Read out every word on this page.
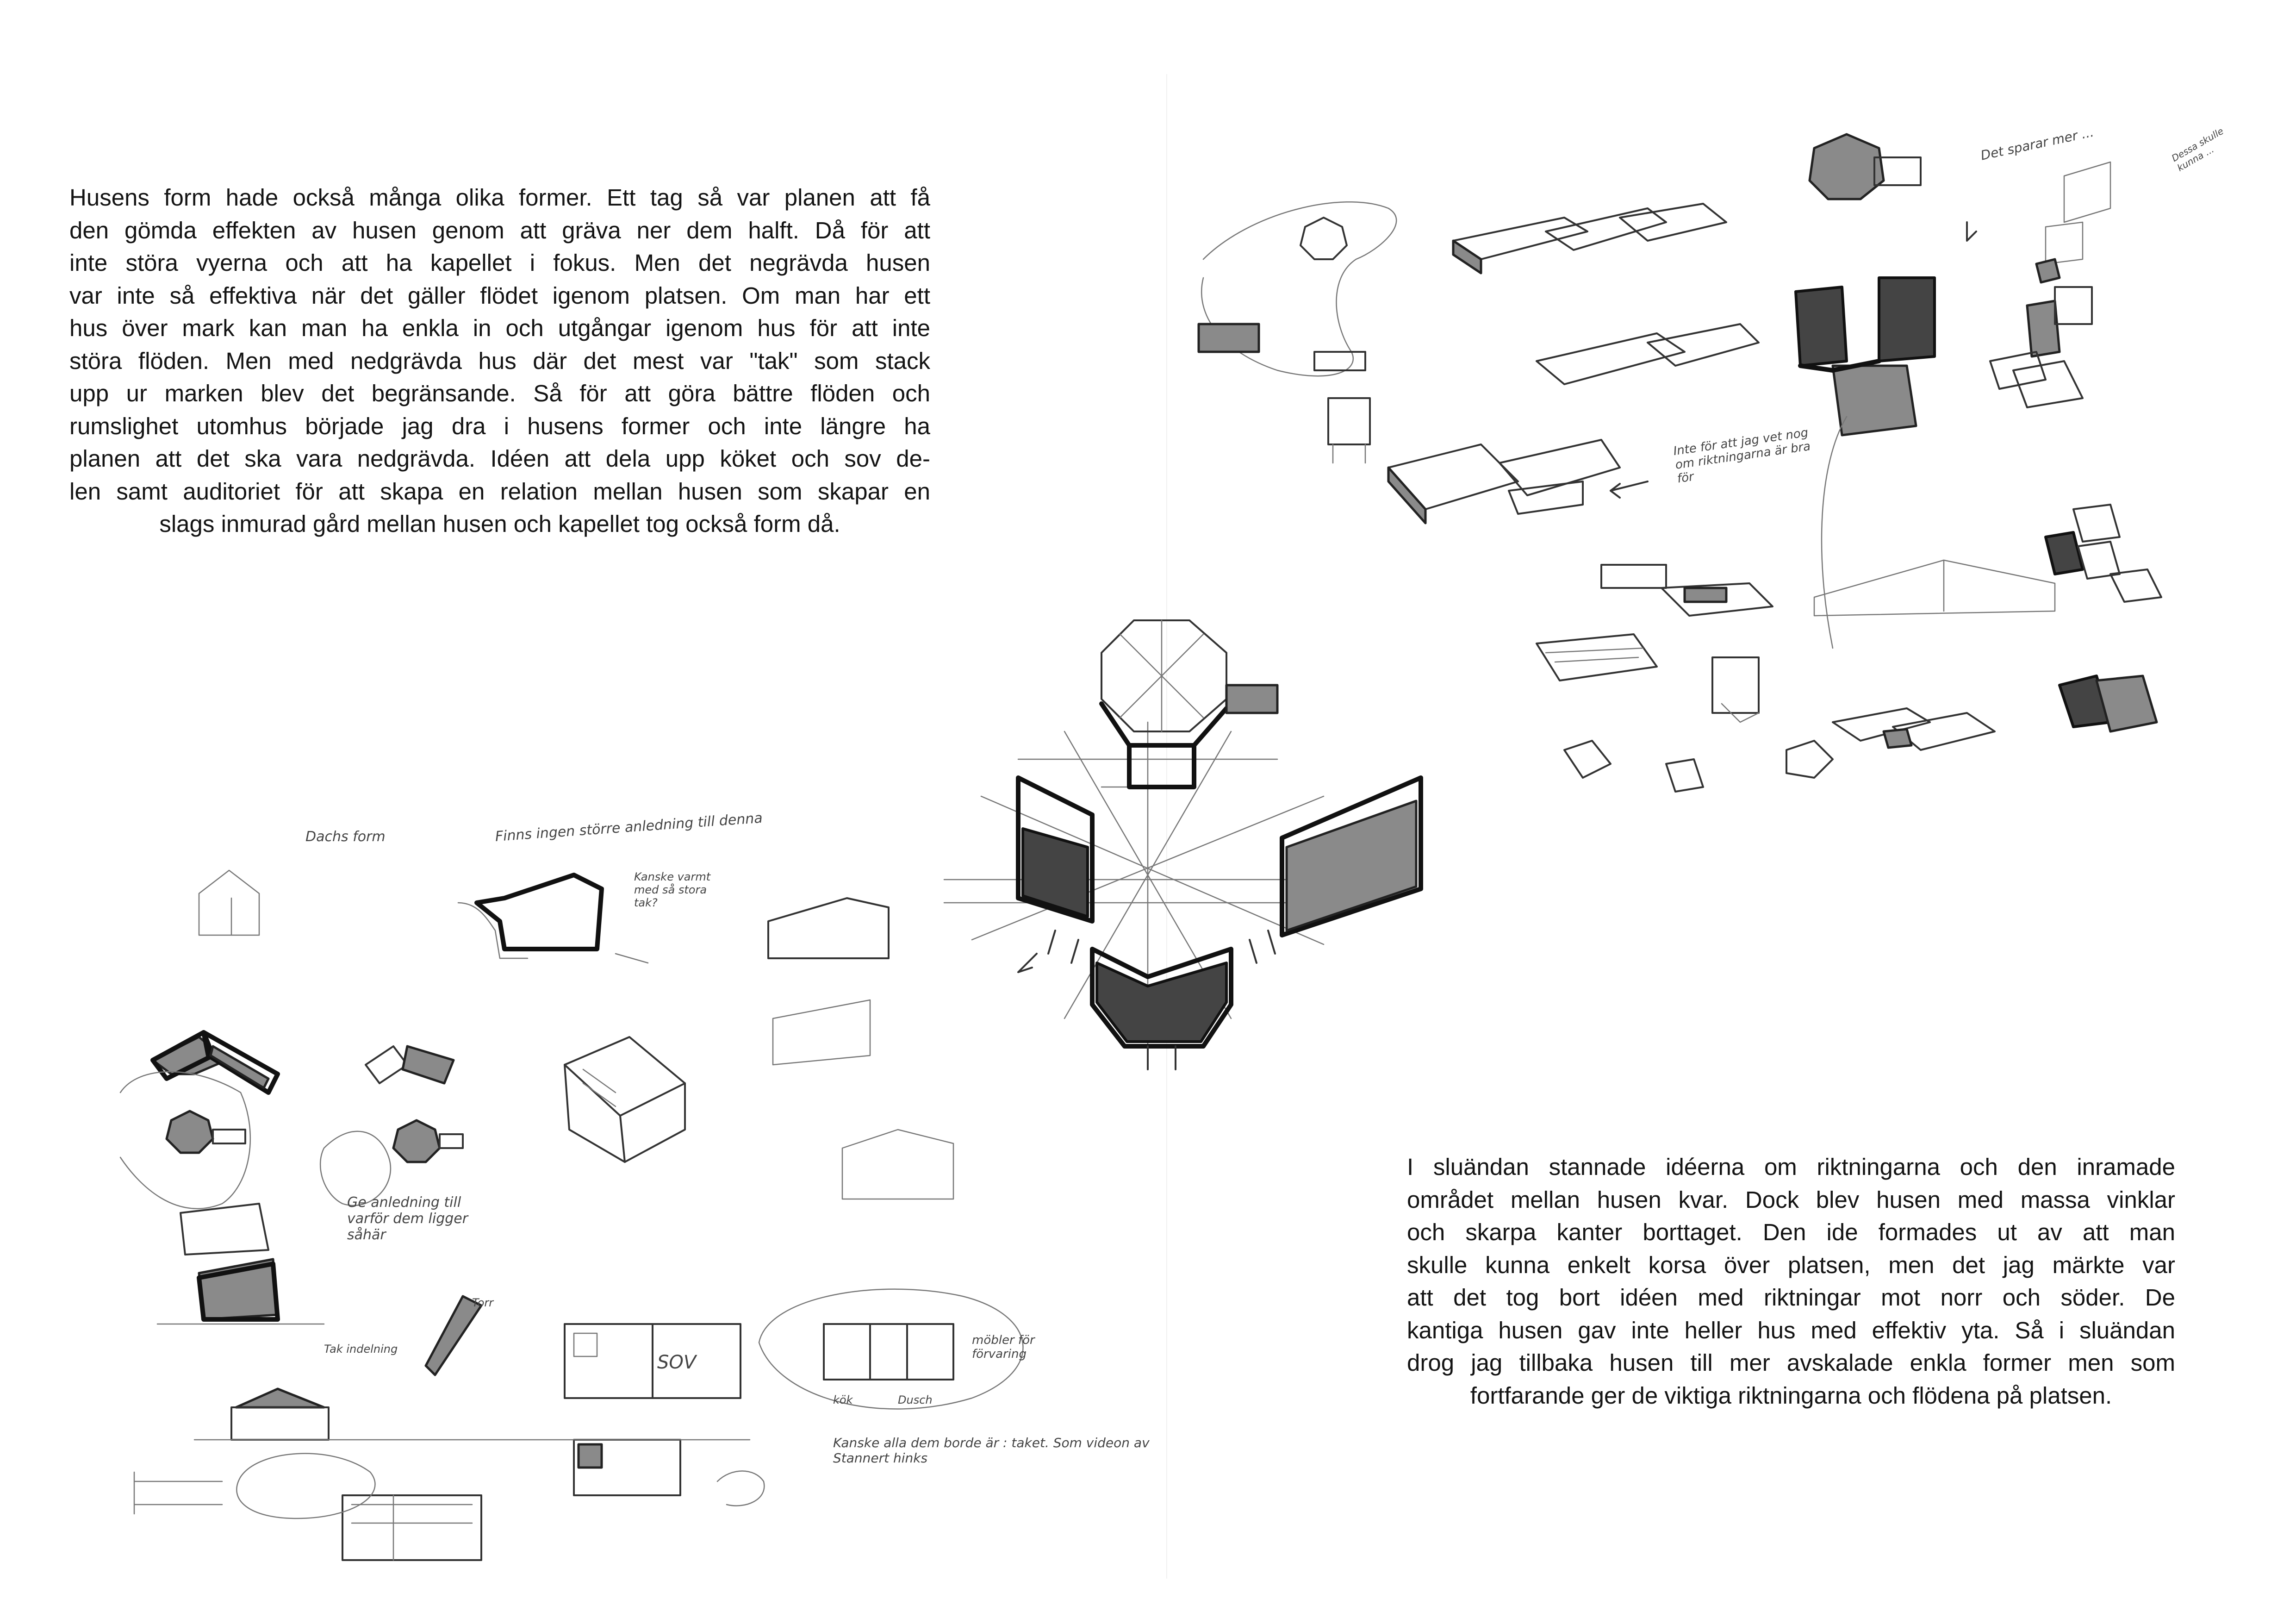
Husens form hade också många olika former. Ett tag så var planen att få
den gömda effekten av husen genom att gräva ner dem halft. Då för att
inte störa vyerna och att ha kapellet i fokus. Men det negrävda husen
var inte så effektiva när det gäller flödet igenom platsen. Om man har ett
hus över mark kan man ha enkla in och utgångar igenom hus för att inte
störa flöden. Men med nedgrävda hus där det mest var "tak" som stack
upp ur marken blev det begränsande. Så för att göra bättre flöden och
rumslighet utomhus började jag dra i husens former och inte längre ha
planen att det ska vara nedgrävda. Idéen att dela upp köket och sov de-
len samt auditoriet för att skapa en relation mellan husen som skapar en
slags inmurad gård mellan husen och kapellet tog också form då.
I sluändan stannade idéerna om riktningarna och den inramade
området mellan husen kvar. Dock blev husen med massa vinklar
och skarpa kanter borttaget. Den ide formades ut av att man
skulle kunna enkelt korsa över platsen, men det jag märkte var
att det tog bort idéen med riktningar mot norr och söder. De
kantiga husen gav inte heller hus med effektiv yta. Så i sluändan
drog jag tillbaka husen till mer avskalade enkla former men som
fortfarande ger de viktiga riktningarna och flödena på platsen.
Dachs form	Finns ingen större anledning till denna
Kanske varmt med så stora tak?
Ge anledning till varför dem ligger såhär
Tak indelning
SOV
Torr
möbler för förvaring
kök	Dusch
Kanske alla dem borde är : taket. Som videon av Stannert hinks
Inte för att jag vet nog om riktningarna är bra för
Det sparar mer ...	Dessa skulle kunna ...
